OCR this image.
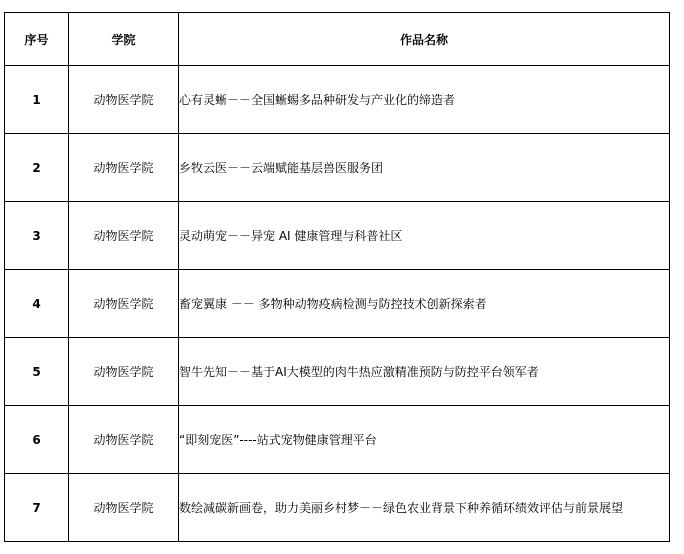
序号	学院	作品名称
1	动物医学院	心有灵蜥－－全国蜥蜴多品种研发与产业化的缔造者
2	动物医学院	乡牧云医－－云端赋能基层兽医服务团
3	动物医学院	灵动萌宠－－异宠 AI 健康管理与科普社区
4	动物医学院	畜宠翼康 －－ 多物种动物疫病检测与防控技术创新探索者
5	动物医学院	智牛先知－－基于AI大模型的肉牛热应激精准预防与防控平台领军者
6	动物医学院	“即刻宠医”----站式宠物健康管理平台
7	动物医学院	数绘减碳新画卷，助力美丽乡村梦－－绿色农业背景下种养循环绩效评估与前景展望
